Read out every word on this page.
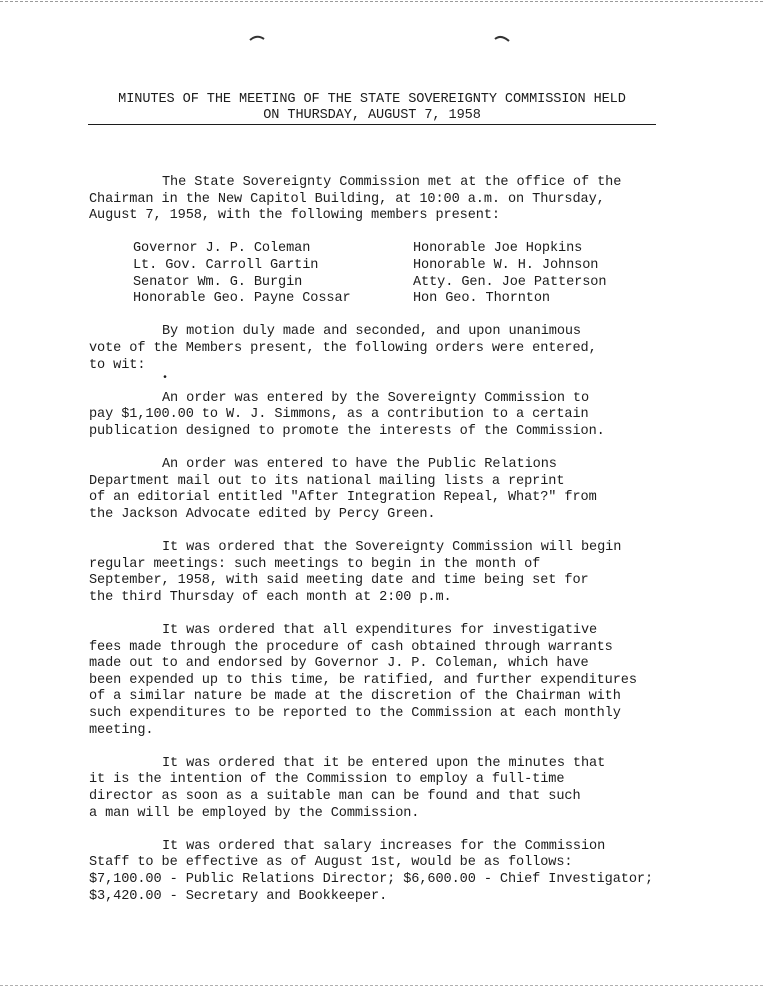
MINUTES OF THE MEETING OF THE STATE SOVEREIGNTY COMMISSION HELD
ON THURSDAY, AUGUST 7, 1958

The State Sovereignty Commission met at the office of the
Chairman in the New Capitol Building, at 10:00 a.m. on Thursday,
August 7, 1958, with the following members present:

Governor J. P. Coleman	Honorable Joe Hopkins
Lt. Gov. Carroll Gartin	Honorable W. H. Johnson
Senator Wm. G. Burgin	Atty. Gen. Joe Patterson
Honorable Geo. Payne Cossar	Hon Geo. Thornton

By motion duly made and seconded, and upon unanimous
vote of the Members present, the following orders were entered,
to wit:

•

An order was entered by the Sovereignty Commission to
pay $1,100.00 to W. J. Simmons, as a contribution to a certain
publication designed to promote the interests of the Commission.

An order was entered to have the Public Relations
Department mail out to its national mailing lists a reprint
of an editorial entitled "After Integration Repeal, What?" from
the Jackson Advocate edited by Percy Green.

It was ordered that the Sovereignty Commission will begin
regular meetings: such meetings to begin in the month of
September, 1958, with said meeting date and time being set for
the third Thursday of each month at 2:00 p.m.

It was ordered that all expenditures for investigative
fees made through the procedure of cash obtained through warrants
made out to and endorsed by Governor J. P. Coleman, which have
been expended up to this time, be ratified, and further expenditures
of a similar nature be made at the discretion of the Chairman with
such expenditures to be reported to the Commission at each monthly
meeting.

It was ordered that it be entered upon the minutes that
it is the intention of the Commission to employ a full-time
director as soon as a suitable man can be found and that such
a man will be employed by the Commission.

It was ordered that salary increases for the Commission
Staff to be effective as of August 1st, would be as follows:
$7,100.00 - Public Relations Director; $6,600.00 - Chief Investigator;
$3,420.00 - Secretary and Bookkeeper.
